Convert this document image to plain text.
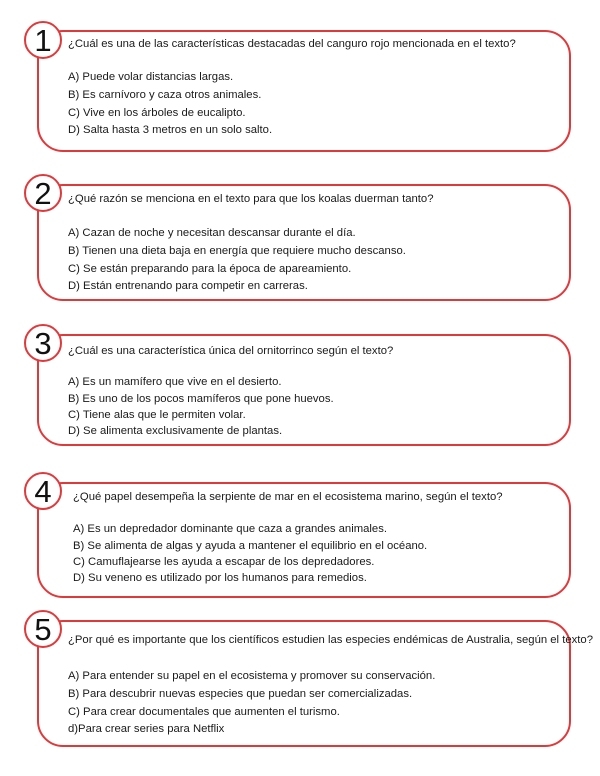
1 ¿Cuál es una de las características destacadas del canguro rojo mencionada en el texto?
A) Puede volar distancias largas.
B) Es carnívoro y caza otros animales.
C) Vive en los árboles de eucalipto.
D) Salta hasta 3 metros en un solo salto.
2 ¿Qué razón se menciona en el texto para que los koalas duerman tanto?
A) Cazan de noche y necesitan descansar durante el día.
B) Tienen una dieta baja en energía que requiere mucho descanso.
C) Se están preparando para la época de apareamiento.
D) Están entrenando para competir en carreras.
3 ¿Cuál es una característica única del ornitorrinco según el texto?
A) Es un mamífero que vive en el desierto.
B) Es uno de los pocos mamíferos que pone huevos.
C) Tiene alas que le permiten volar.
D) Se alimenta exclusivamente de plantas.
4 ¿Qué papel desempeña la serpiente de mar en el ecosistema marino, según el texto?
A) Es un depredador dominante que caza a grandes animales.
B) Se alimenta de algas y ayuda a mantener el equilibrio en el océano.
C) Camuflajearse les ayuda a escapar de los depredadores.
D) Su veneno es utilizado por los humanos para remedios.
5 ¿Por qué es importante que los científicos estudien las especies endémicas de Australia, según el texto?
A) Para entender su papel en el ecosistema y promover su conservación.
B) Para descubrir nuevas especies que puedan ser comercializadas.
C) Para crear documentales que aumenten el turismo.
d)Para crear series para Netflix
